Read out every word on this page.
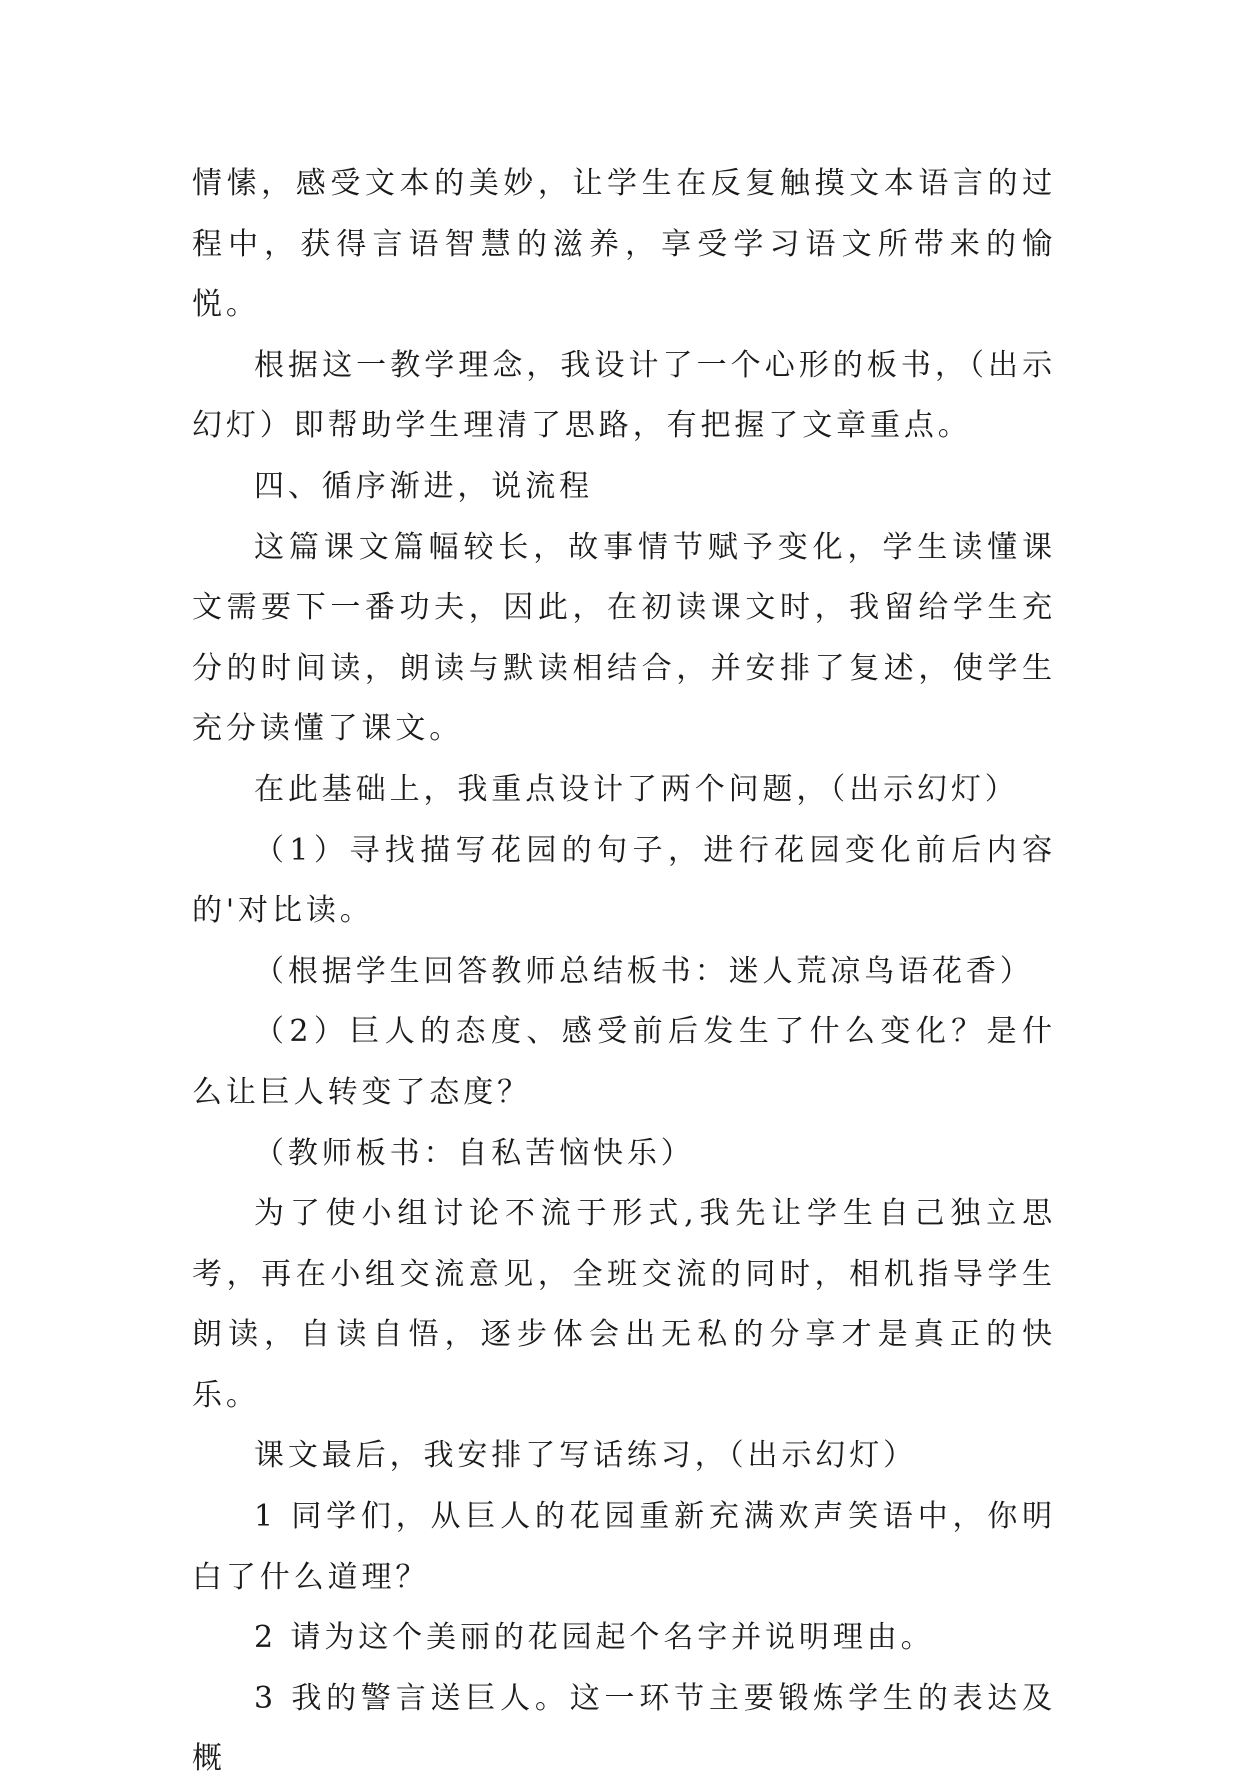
情愫，感受文本的美妙，让学生在反复触摸文本语言的过程中，获得言语智慧的滋养，享受学习语文所带来的愉悦。

根据这一教学理念，我设计了一个心形的板书，（出示幻灯）即帮助学生理清了思路，有把握了文章重点。

四、循序渐进，说流程

这篇课文篇幅较长，故事情节赋予变化，学生读懂课文需要下一番功夫，因此，在初读课文时，我留给学生充分的时间读，朗读与默读相结合，并安排了复述，使学生充分读懂了课文。

在此基础上，我重点设计了两个问题，（出示幻灯）

（1）寻找描写花园的句子，进行花园变化前后内容的'对比读。

（根据学生回答教师总结板书：迷人荒凉鸟语花香）

（2）巨人的态度、感受前后发生了什么变化？是什么让巨人转变了态度？

（教师板书：自私苦恼快乐）

为了使小组讨论不流于形式,我先让学生自己独立思考，再在小组交流意见，全班交流的同时，相机指导学生朗读，自读自悟，逐步体会出无私的分享才是真正的快乐。

课文最后，我安排了写话练习，（出示幻灯）

1 同学们，从巨人的花园重新充满欢声笑语中，你明白了什么道理？

2 请为这个美丽的花园起个名字并说明理由。

3 我的警言送巨人。这一环节主要锻炼学生的表达及概
